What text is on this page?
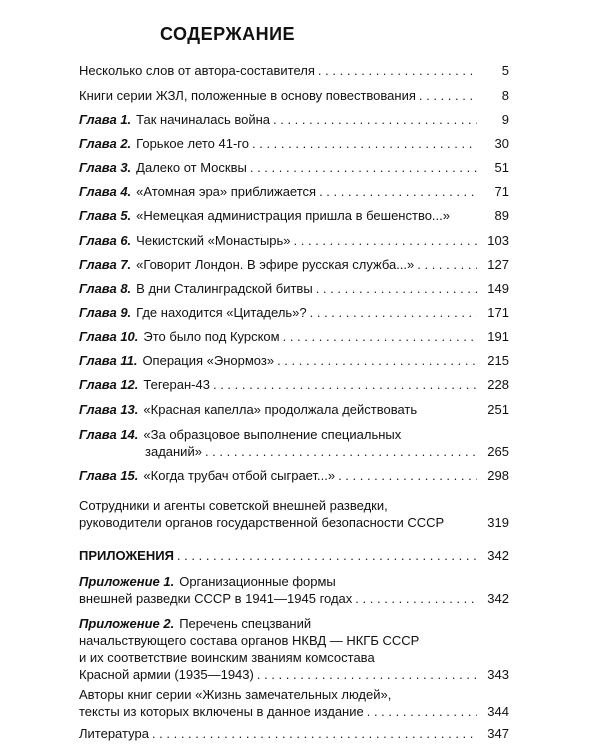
СОДЕРЖАНИЕ
Несколько слов от автора-составителя . . .	5
Книги серии ЖЗЛ, положенные в основу повествования . . .	8
Глава 1. Так начиналась война . . .	9
Глава 2. Горькое лето 41-го . . .	30
Глава 3. Далеко от Москвы . . .	51
Глава 4. «Атомная эра» приближается . . .	71
Глава 5. «Немецкая администрация пришла в бешенство...»	89
Глава 6. Чекистский «Монастырь» . . .	103
Глава 7. «Говорит Лондон. В эфире русская служба...» . . .	127
Глава 8. В дни Сталинградской битвы . . .	149
Глава 9. Где находится «Цитадель»? . . .	171
Глава 10. Это было под Курском . . .	191
Глава 11. Операция «Энормоз» . . .	215
Глава 12. Тегеран-43 . . .	228
Глава 13. «Красная капелла» продолжала действовать	251
Глава 14. «За образцовое выполнение специальных
заданий» . . .	265
Глава 15. «Когда трубач отбой сыграет...» . . .	298
Сотрудники и агенты советской внешней разведки,
руководители органов государственной безопасности СССР	319
ПРИЛОЖЕНИЯ . . .	342
Приложение 1. Организационные формы
внешней разведки СССР в 1941—1945 годах . . .	342
Приложение 2. Перечень спецзваний
начальствующего состава органов НКВД — НКГБ СССР
и их соответствие воинским званиям комсостава
Красной армии (1935—1943) . . .	343
Авторы книг серии «Жизнь замечательных людей»,
тексты из которых включены в данное издание . . .	344
Литература . . .	347
